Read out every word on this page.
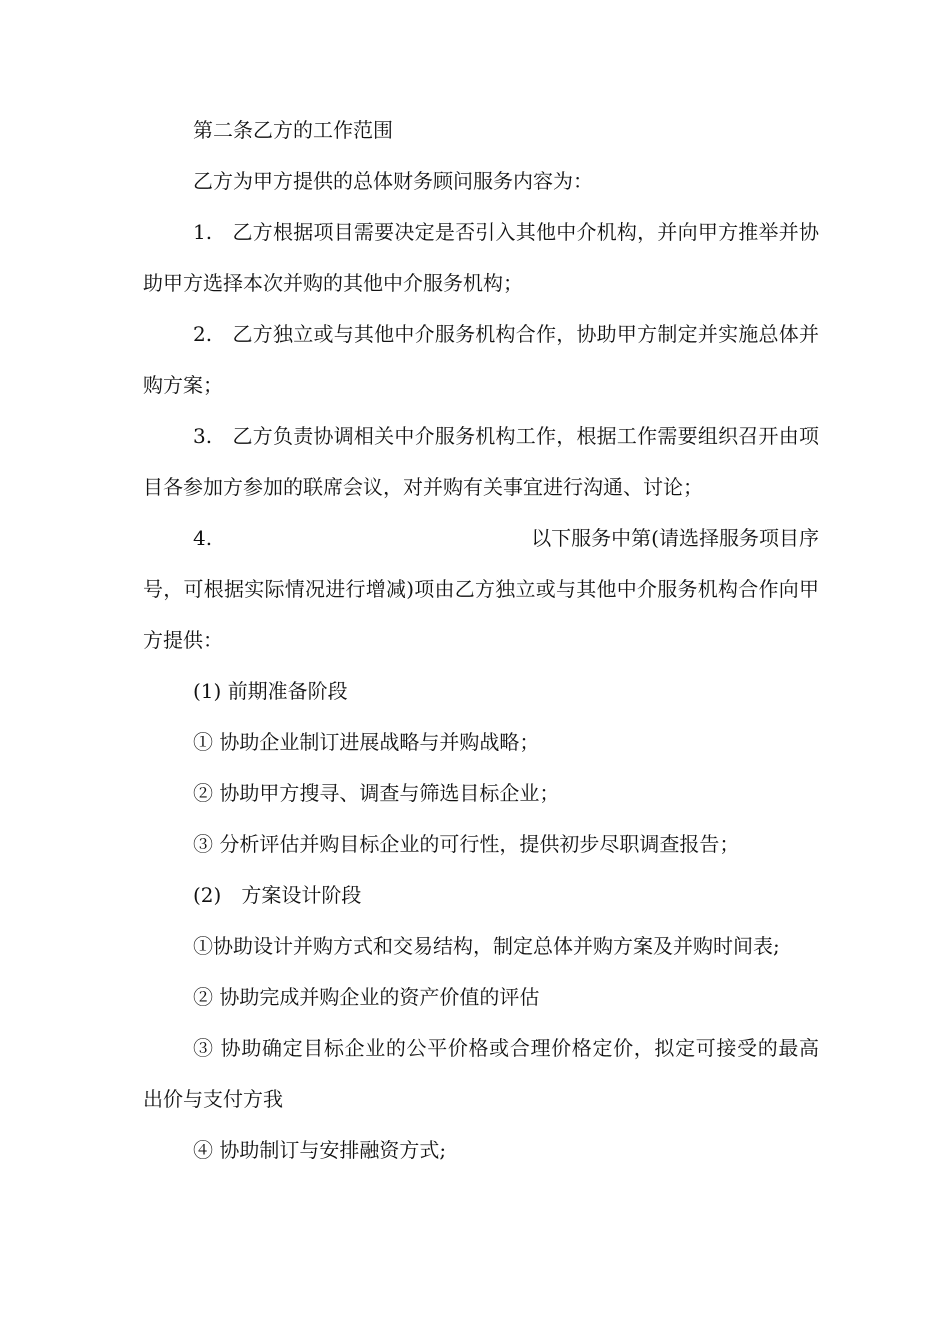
第二条乙方的工作范围

乙方为甲方提供的总体财务顾问服务内容为：

1.　乙方根据项目需要决定是否引入其他中介机构，并向甲方推举并协助甲方选择本次并购的其他中介服务机构；

2.　乙方独立或与其他中介服务机构合作，协助甲方制定并实施总体并购方案；

3.　乙方负责协调相关中介服务机构工作，根据工作需要组织召开由项目各参加方参加的联席会议，对并购有关事宜进行沟通、讨论；

4.	以下服务中第(请选择服务项目序

号，可根据实际情况进行增减)项由乙方独立或与其他中介服务机构合作向甲方提供：

(1) 前期准备阶段

① 协助企业制订进展战略与并购战略；

② 协助甲方搜寻、调查与筛选目标企业；

③ 分析评估并购目标企业的可行性，提供初步尽职调查报告；

(2)　方案设计阶段

①协助设计并购方式和交易结构，制定总体并购方案及并购时间表;

② 协助完成并购企业的资产价值的评估

③ 协助确定目标企业的公平价格或合理价格定价，拟定可接受的最高出价与支付方我

④ 协助制订与安排融资方式;
